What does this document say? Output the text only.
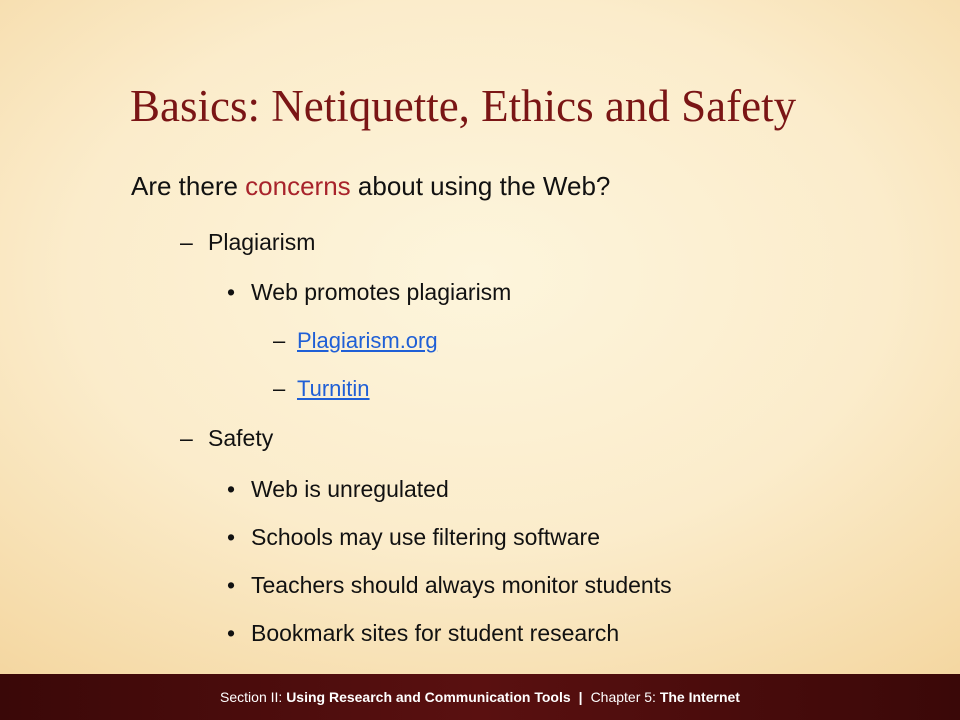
Basics: Netiquette, Ethics and Safety
Are there concerns about using the Web?
– Plagiarism
• Web promotes plagiarism
– Plagiarism.org
– Turnitin
– Safety
• Web is unregulated
• Schools may use filtering software
• Teachers should always monitor students
• Bookmark sites for student research
Section II:
Using Research and Communication Tools | Chapter 5:
The Internet
